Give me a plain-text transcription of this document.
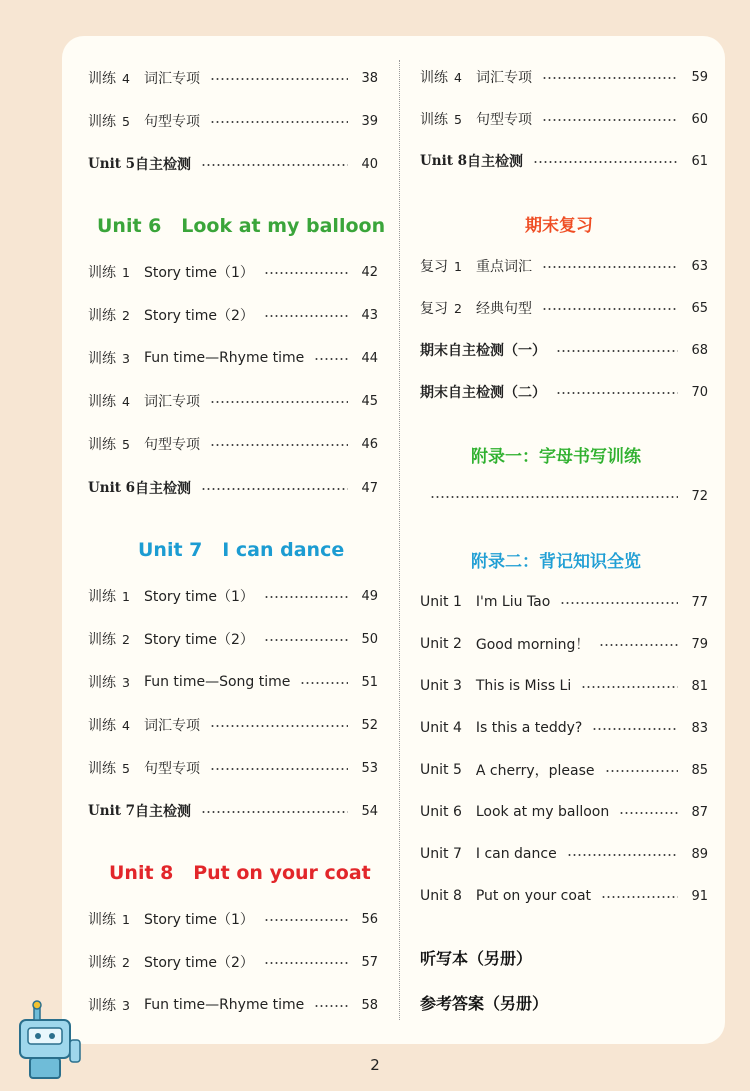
训练 4 词汇专项	38
训练 5 句型专项	39
Unit 5 自主检测	40
Unit 6   Look at my balloon
训练 1 Story time（1）	42
训练 2 Story time（2）	43
训练 3 Fun time—Rhyme time	44
训练 4 词汇专项	45
训练 5 句型专项	46
Unit 6 自主检测	47
Unit 7   I can dance
训练 1 Story time（1）	49
训练 2 Story time（2）	50
训练 3 Fun time—Song time	51
训练 4 词汇专项	52
训练 5 句型专项	53
Unit 7 自主检测	54
Unit 8   Put on your coat
训练 1 Story time（1）	56
训练 2 Story time（2）	57
训练 3 Fun time—Rhyme time	58
训练 4 词汇专项	59
训练 5 句型专项	60
Unit 8 自主检测	61
期末复习
复习 1 重点词汇	63
复习 2 经典句型	65
期末自主检测（一）	68
期末自主检测（二）	70
附录一：字母书写训练
72
附录二：背记知识全览
Unit 1 I'm Liu Tao	77
Unit 2 Good morning！	79
Unit 3 This is Miss Li	81
Unit 4 Is this a teddy?	83
Unit 5 A cherry，please	85
Unit 6 Look at my balloon	87
Unit 7 I can dance	89
Unit 8 Put on your coat	91
听写本（另册）
参考答案（另册）
2
